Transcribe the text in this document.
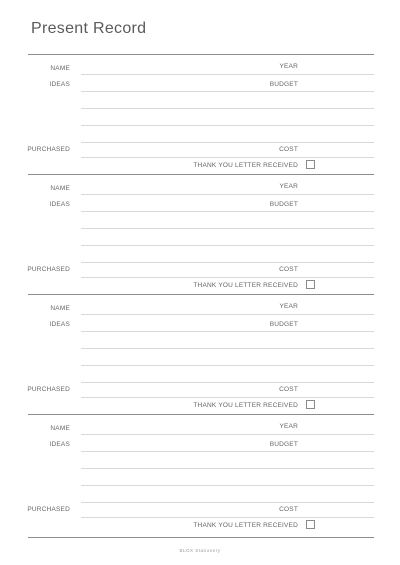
Present Record
NAME	YEAR
IDEAS	BUDGET
PURCHASED	COST
THANK YOU LETTER RECEIVED
NAME	YEAR
IDEAS	BUDGET
PURCHASED	COST
THANK YOU LETTER RECEIVED
NAME	YEAR
IDEAS	BUDGET
PURCHASED	COST
THANK YOU LETTER RECEIVED
NAME	YEAR
IDEAS	BUDGET
PURCHASED	COST
THANK YOU LETTER RECEIVED
BLOX Stationery
